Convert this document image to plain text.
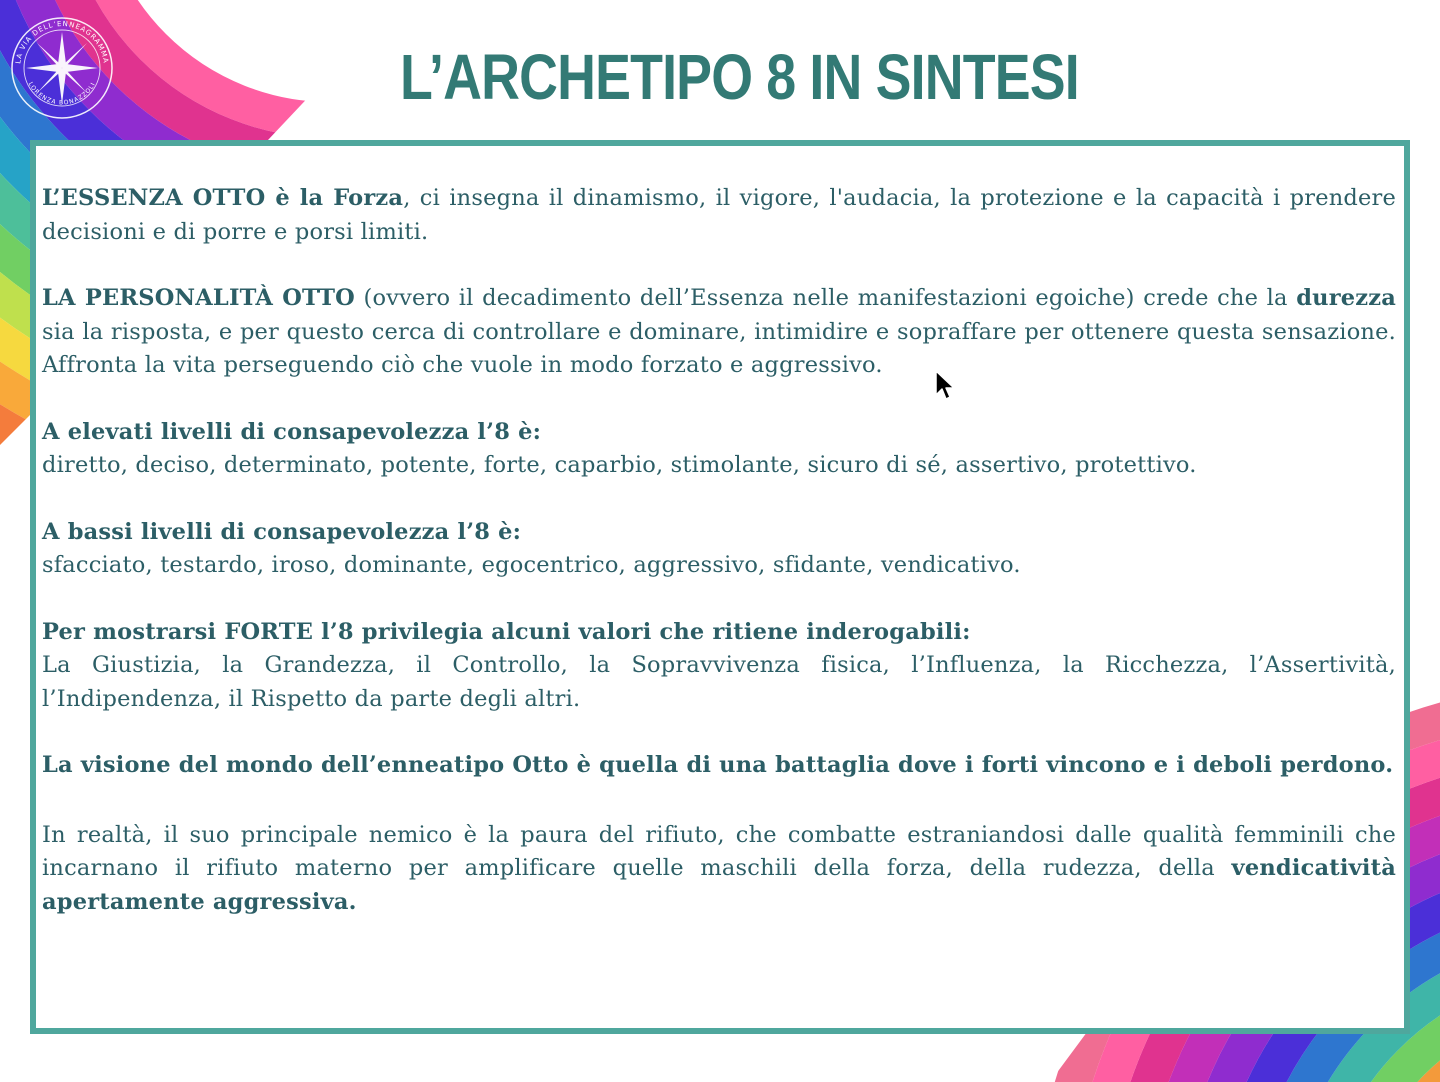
LA VIA DELL’ENNEAGRAMMA
LORENZA BONAZZOLI	L’ARCHETIPO 8 IN SINTESI

L’ESSENZA OTTO è la Forza, ci insegna il dinamismo, il vigore, l'audacia, la protezione e la capacità i prendere decisioni e di porre e porsi limiti.

LA PERSONALITÀ OTTO (ovvero il decadimento dell’Essenza nelle manifestazioni egoiche) crede che la durezza sia la risposta, e per questo cerca di controllare e dominare, intimidire e sopraffare per ottenere questa sensazione. Affronta la vita perseguendo ciò che vuole in modo forzato e aggressivo.

A elevati livelli di consapevolezza l’8 è:
diretto, deciso, determinato, potente, forte, caparbio, stimolante, sicuro di sé, assertivo, protettivo.

A bassi livelli di consapevolezza l’8 è:
sfacciato, testardo, iroso, dominante, egocentrico, aggressivo, sfidante, vendicativo.

Per mostrarsi FORTE l’8 privilegia alcuni valori che ritiene inderogabili:
La Giustizia, la Grandezza, il Controllo, la Sopravvivenza fisica, l’Influenza, la Ricchezza, l’Assertività, l’Indipendenza, il Rispetto da parte degli altri.

La visione del mondo dell’enneatipo Otto è quella di una battaglia dove i forti vincono e i deboli perdono.

In realtà, il suo principale nemico è la paura del rifiuto, che combatte estraniandosi dalle qualità femminili che incarnano il rifiuto materno per amplificare quelle maschili della forza, della rudezza, della vendicatività apertamente aggressiva.
